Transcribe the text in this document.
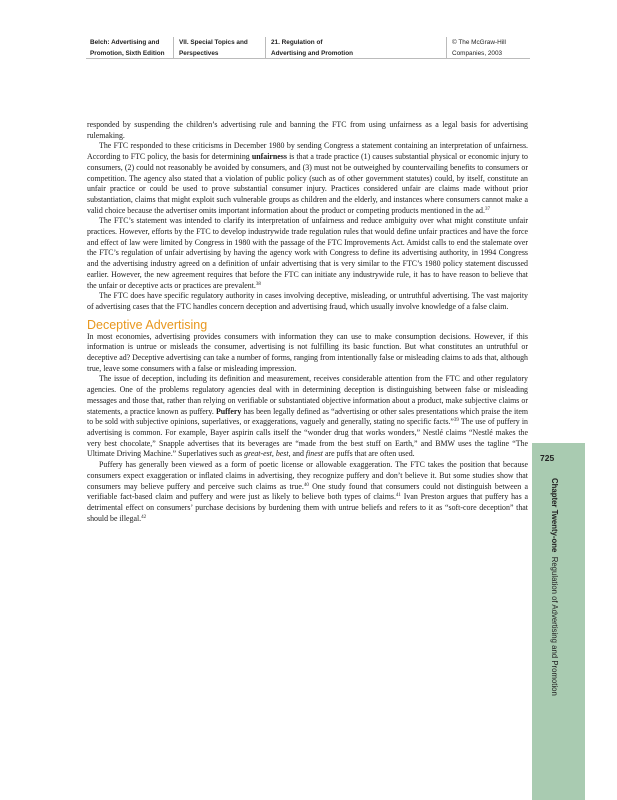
Belch: Advertising and
Promotion, Sixth Edition
VII. Special Topics and
Perspectives
21. Regulation of
Advertising and Promotion
© The McGraw-Hill
Companies, 2003

responded by suspending the children’s advertising rule and banning the FTC from using unfairness as a legal basis for advertising rulemaking.

The FTC responded to these criticisms in December 1980 by sending Congress a statement containing an interpretation of unfairness. According to FTC policy, the basis for determining unfairness is that a trade practice (1) causes substantial physical or economic injury to consumers, (2) could not reasonably be avoided by consumers, and (3) must not be outweighed by countervailing benefits to consumers or competition. The agency also stated that a violation of public policy (such as of other government statutes) could, by itself, constitute an unfair practice or could be used to prove substantial consumer injury. Practices considered unfair are claims made without prior substantiation, claims that might exploit such vulnerable groups as children and the elderly, and instances where consumers cannot make a valid choice because the advertiser omits important information about the product or competing products mentioned in the ad.$^{37}$

The FTC’s statement was intended to clarify its interpretation of unfairness and reduce ambiguity over what might constitute unfair practices. However, efforts by the FTC to develop industrywide trade regulation rules that would define unfair practices and have the force and effect of law were limited by Congress in 1980 with the passage of the FTC Improvements Act. Amidst calls to end the stalemate over the FTC’s regulation of unfair advertising by having the agency work with Congress to define its advertising authority, in 1994 Congress and the advertising industry agreed on a definition of unfair advertising that is very similar to the FTC’s 1980 policy statement discussed earlier. However, the new agreement requires that before the FTC can initiate any industrywide rule, it has to have reason to believe that the unfair or deceptive acts or practices are prevalent.$^{38}$

The FTC does have specific regulatory authority in cases involving deceptive, misleading, or untruthful advertising. The vast majority of advertising cases that the FTC handles concern deception and advertising fraud, which usually involve knowledge of a false claim.

Deceptive Advertising

In most economies, advertising provides consumers with information they can use to make consumption decisions. However, if this information is untrue or misleads the consumer, advertising is not fulfilling its basic function. But what constitutes an untruthful or deceptive ad? Deceptive advertising can take a number of forms, ranging from intentionally false or misleading claims to ads that, although true, leave some consumers with a false or misleading impression.

The issue of deception, including its definition and measurement, receives considerable attention from the FTC and other regulatory agencies. One of the problems regulatory agencies deal with in determining deception is distinguishing between false or misleading messages and those that, rather than relying on verifiable or substantiated objective information about a product, make subjective claims or statements, a practice known as puffery. Puffery has been legally defined as “advertising or other sales presentations which praise the item to be sold with subjective opinions, superlatives, or exaggerations, vaguely and generally, stating no specific facts.”$^{39}$ The use of puffery in advertising is common. For example, Bayer aspirin calls itself the “wonder drug that works wonders,” Nestlé claims “Nestlé makes the very best chocolate,” Snapple advertises that its beverages are “made from the best stuff on Earth,” and BMW uses the tagline “The Ultimate Driving Machine.” Superlatives such as great-est, best, and finest are puffs that are often used.

Puffery has generally been viewed as a form of poetic license or allowable exaggeration. The FTC takes the position that because consumers expect exaggeration or inflated claims in advertising, they recognize puffery and don’t believe it. But some studies show that consumers may believe puffery and perceive such claims as true.$^{40}$ One study found that consumers could not distinguish between a verifiable fact-based claim and puffery and were just as likely to believe both types of claims.$^{41}$ Ivan Preston argues that puffery has a detrimental effect on consumers’ purchase decisions by burdening them with untrue beliefs and refers to it as “soft-core deception” that should be illegal.$^{42}$

725
Chapter Twenty-one  Regulation of Advertising and Promotion
